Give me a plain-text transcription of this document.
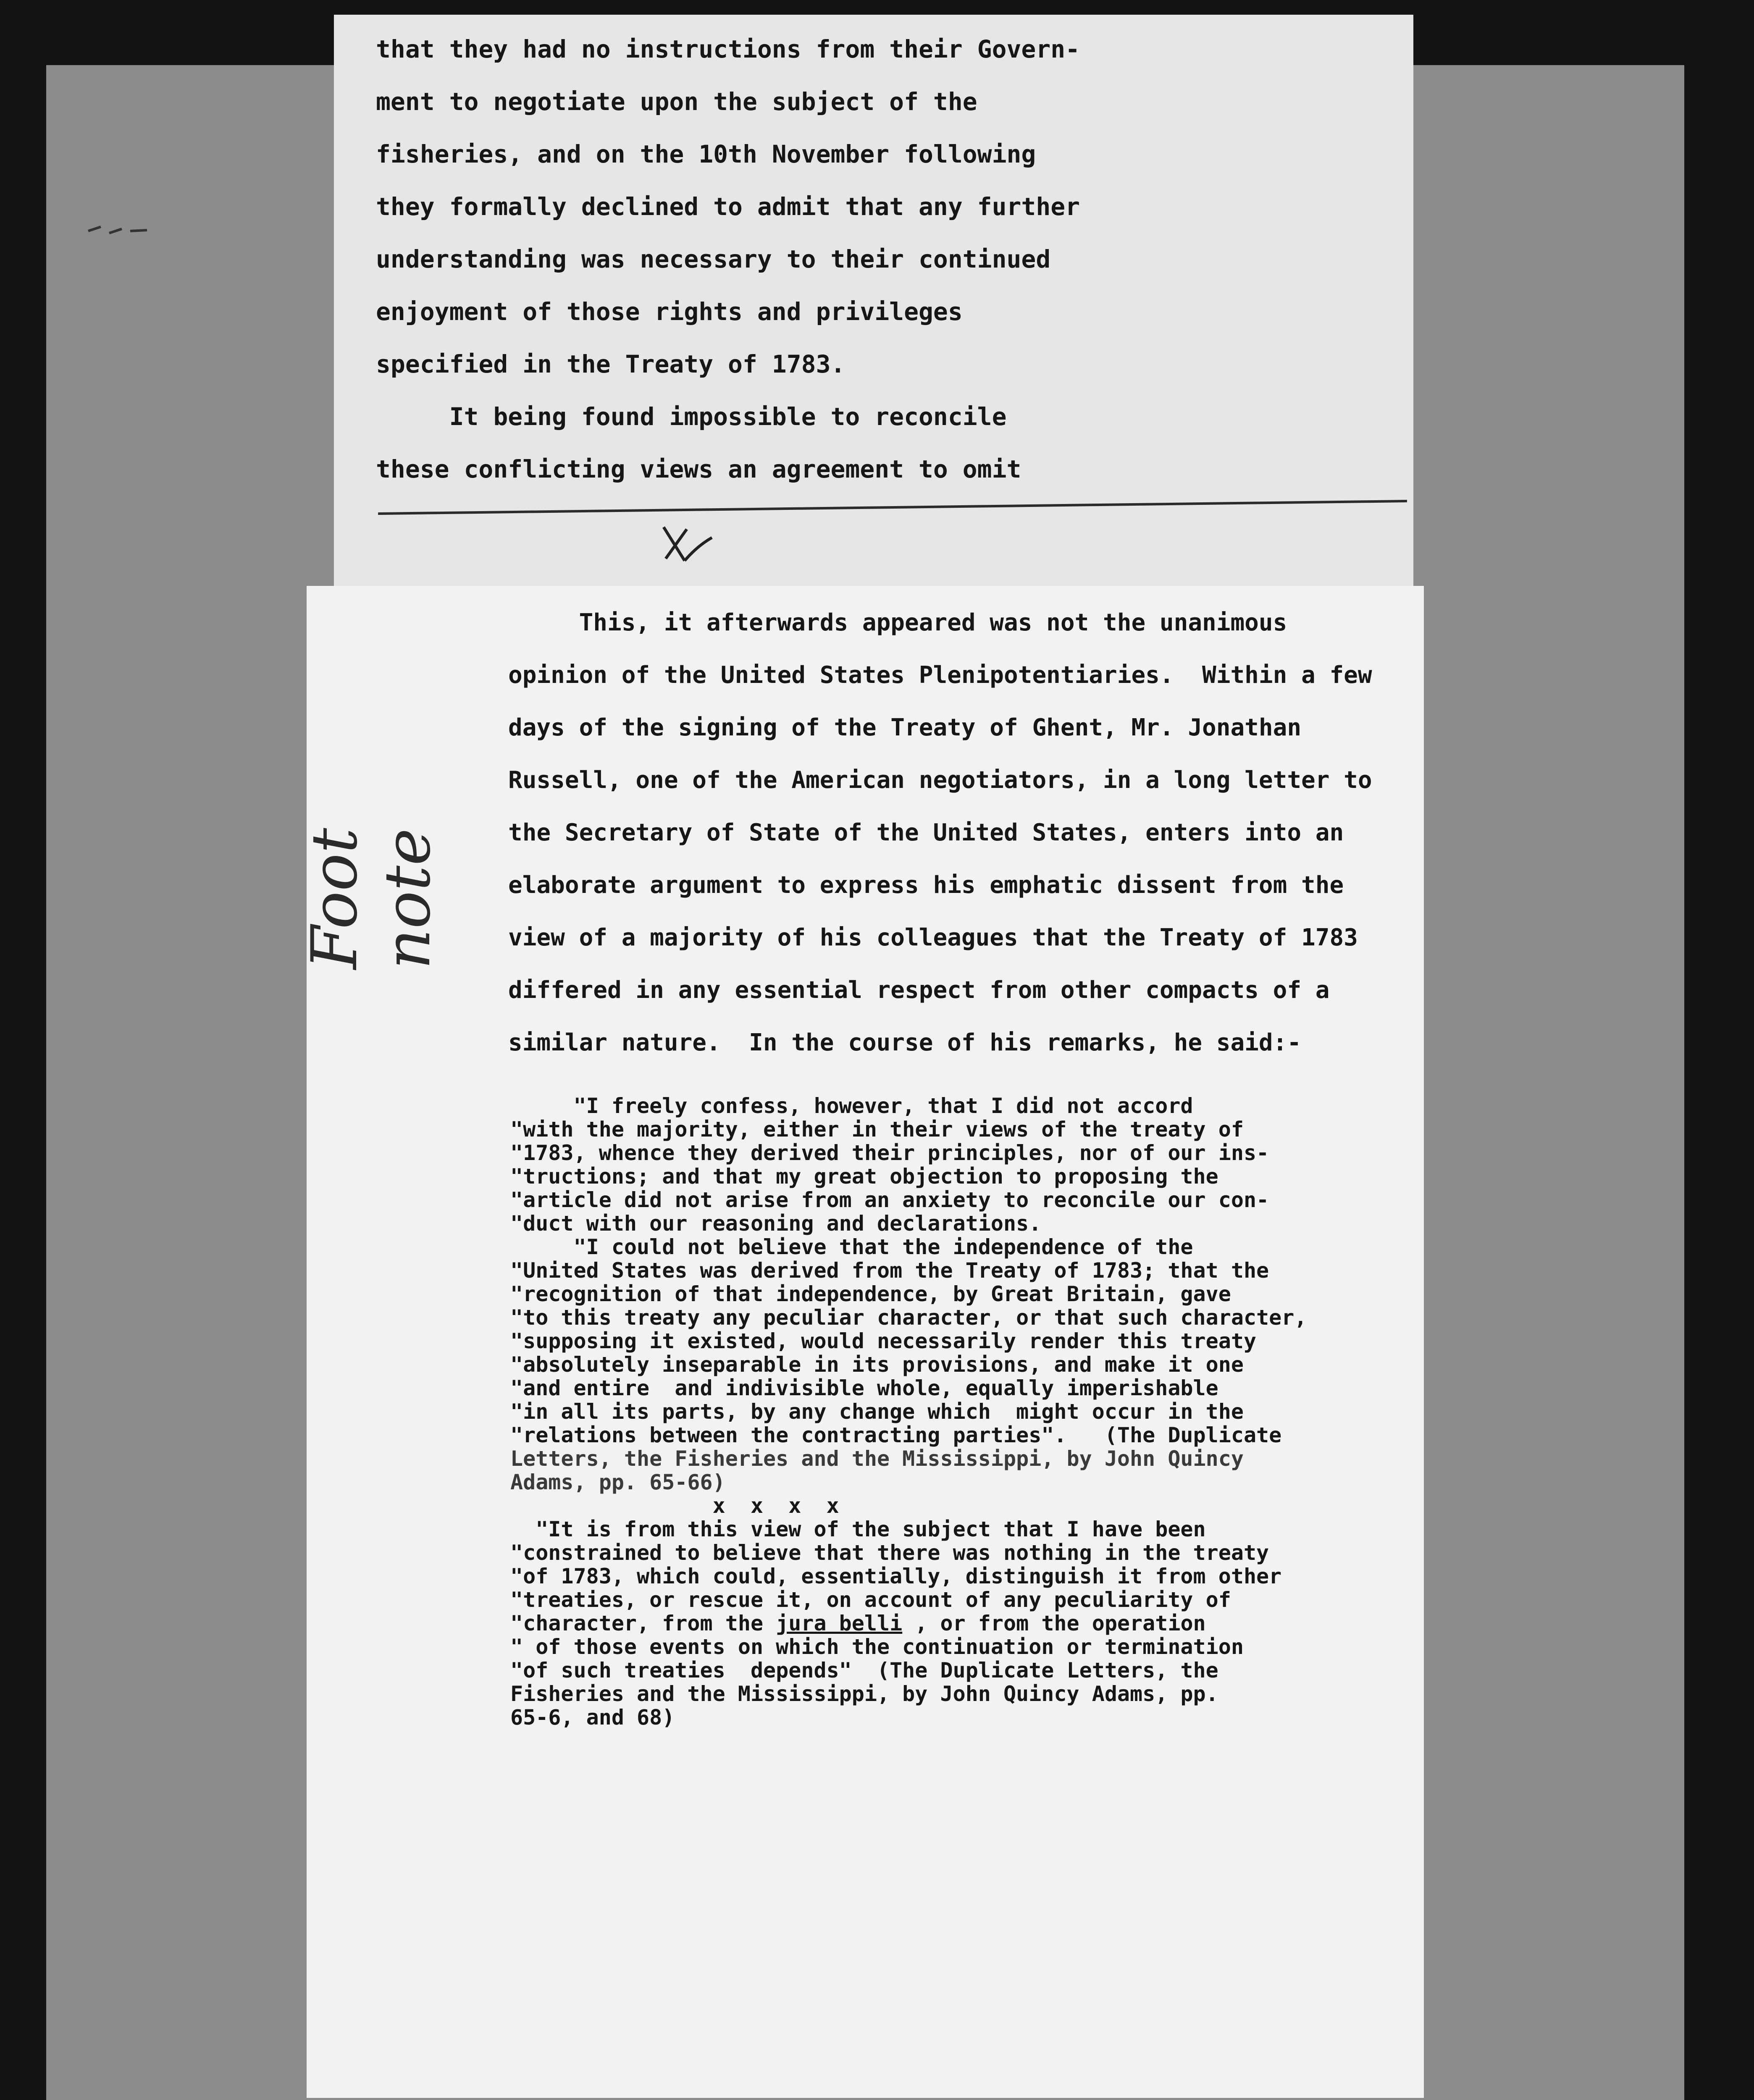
that they had no instructions from their Govern-
ment to negotiate upon the subject of the
fisheries, and on the 10th November following
they formally declined to admit that any further
understanding was necessary to their continued
enjoyment of those rights and privileges
specified in the Treaty of 1783.
It being found impossible to reconcile
these conflicting views an agreement to omit
Foot note
This, it afterwards appeared was not the unanimous
opinion of the United States Plenipotentiaries.  Within a few
days of the signing of the Treaty of Ghent, Mr. Jonathan
Russell, one of the American negotiators, in a long letter to
the Secretary of State of the United States, enters into an
elaborate argument to express his emphatic dissent from the
view of a majority of his colleagues that the Treaty of 1783
differed in any essential respect from other compacts of a
similar nature.  In the course of his remarks, he said:-
"I freely confess, however, that I did not accord
"with the majority, either in their views of the treaty of
"1783, whence they derived their principles, nor of our ins-
"tructions; and that my great objection to proposing the
"article did not arise from an anxiety to reconcile our con-
"duct with our reasoning and declarations.
"I could not believe that the independence of the
"United States was derived from the Treaty of 1783; that the
"recognition of that independence, by Great Britain, gave
"to this treaty any peculiar character, or that such character,
"supposing it existed, would necessarily render this treaty
"absolutely inseparable in its provisions, and make it one
"and entire  and indivisible whole, equally imperishable
"in all its parts, by any change which  might occur in the
"relations between the contracting parties".   (The Duplicate
Letters, the Fisheries and the Mississippi, by John Quincy
Adams, pp. 65-66)
x  x  x  x
"It is from this view of the subject that I have been
"constrained to believe that there was nothing in the treaty
"of 1783, which could, essentially, distinguish it from other
"treaties, or rescue it, on account of any peculiarity of
"character, from the jura belli , or from the operation
" of those events on which the continuation or termination
"of such treaties  depends"  (The Duplicate Letters, the
Fisheries and the Mississippi, by John Quincy Adams, pp.
65-6, and 68)
